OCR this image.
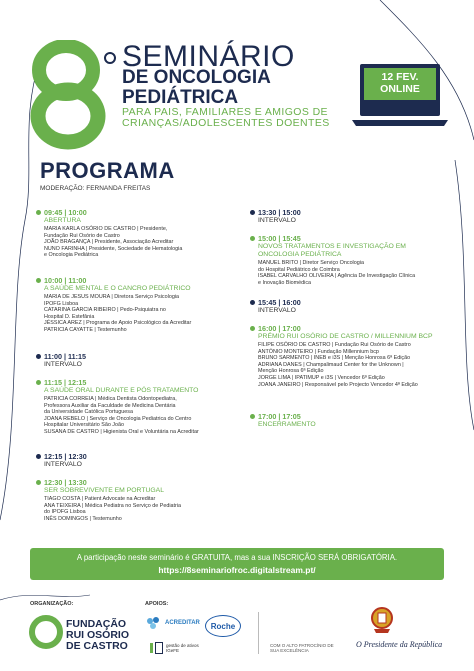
SEMINÁRIO
DE ONCOLOGIA
PEDIÁTRICA
PARA PAIS, FAMILIARES E AMIGOS DE
CRIANÇAS/ADOLESCENTES DOENTES
12 FEV.
ONLINE
PROGRAMA
MODERAÇÃO: FERNANDA FREITAS
09:45 | 10:00
ABERTURA
MARIA KARLA OSÓRIO DE CASTRO | Presidente,
Fundação Rui Osório de Castro
JOÃO BRAGANÇA | Presidente, Associação Acreditar
NUNO FARINHA | Presidente, Sociedade de Hematologia
e Oncologia Pediátrica
10:00 | 11:00
A SAÚDE MENTAL E O CANCRO PEDIÁTRICO
MARIA DE JESUS MOURA | Diretora Serviço Psicologia
IPOFG Lisboa
CATARINA GARCIA RIBEIRO | Pedo-Psiquiatra no
Hospital D. Estefânia
JÉSSICA AREZ | Programa de Apoio Psicológico da Acreditar
PATRICIA CAYATTE | Testemunho
11:00 | 11:15
INTERVALO
11:15 | 12:15
A SAÚDE ORAL DURANTE E PÓS TRATAMENTO
PATRICIA CORREIA | Médica Dentista Odontopediatra,
Professora Auxiliar da Faculdade de Medicina Dentária
da Universidade Católica Portuguesa
JOANA REBELO | Serviço de Oncologia Pediatrica do Centro
Hospitalar Universitário São João
SUSANA DE CASTRO | Higienista Oral e Voluntária na Acreditar
12:15 | 12:30
INTERVALO
12:30 | 13:30
SER SOBREVIVENTE EM PORTUGAL
TIAGO COSTA | Patient Advocate na Acreditar
ANA TEIXEIRA | Médica Pediatra no Serviço de Pediatria
do IPOFG Lisboa
INÊS DOMINGOS | Testemunho
13:30 | 15:00
INTERVALO
15:00 | 15:45
NOVOS TRATAMENTOS E INVESTIGAÇÃO EM ONCOLOGIA PEDIÁTRICA
MANUEL BRITO | Diretor Serviço Oncologia
do Hospital Pediátrico de Coimbra
ISABEL CARVALHO OLIVEIRA | Agência De Investigação Clínica
e Inovação Biomédica
15:45 | 16:00
INTERVALO
16:00 | 17:00
PRÉMIO RUI OSÓRIO DE CASTRO / MILLENNIUM BCP
FILIPE OSÓRIO DE CASTRO | Fundação Rui Osório de Castro
ANTÓNIO MONTEIRO | Fundação Millennium bcp
BRUNO SARMENTO | INEB e i3S | Menção Honrosa 6ª Edição
ADRIANA DANES | Champalimaud Center for the Unknown |
Menção Honrosa 6ª Edição
JORGE LIMA | IPATIMUP e i3S | Vencedor 6ª Edição
JOANA JANEIRO | Responsável pelo Projecto Vencedor 4ª Edição
17:00 | 17:05
ENCERRAMENTO
A participação neste seminário é GRATUITA, mas a sua INSCRIÇÃO SERÁ OBRIGATÓRIA.
https://8seminariofroc.digitalstream.pt/
ORGANIZAÇÃO:	APOIOS:
FUNDAÇÃO
RUI OSÓRIO
DE CASTRO
ACREDITAR	Roche
gestão de ativos
IGeFE
COM O ALTO PATROCÍNIO DE SUA EXCELÊNCIA
O Presidente da República
